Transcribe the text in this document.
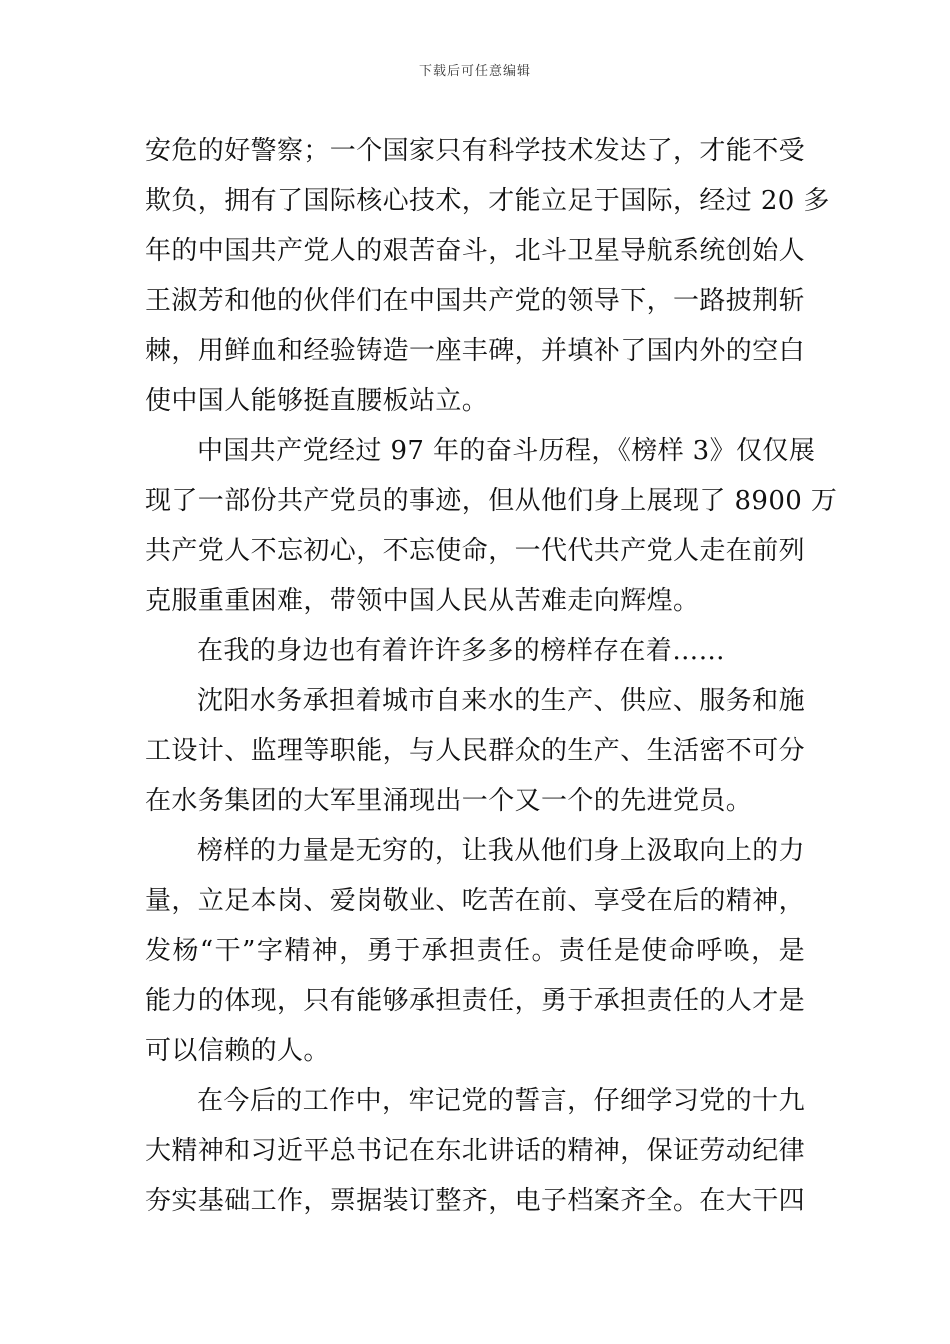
下载后可任意编辑
安危的好警察；一个国家只有科学技术发达了，才能不受
欺负，拥有了国际核心技术，才能立足于国际，经过 20 多
年的中国共产党人的艰苦奋斗，北斗卫星导航系统创始人
王淑芳和他的伙伴们在中国共产党的领导下，一路披荆斩
棘，用鲜血和经验铸造一座丰碑，并填补了国内外的空白
使中国人能够挺直腰板站立。
中国共产党经过 97 年的奋斗历程，《榜样 3》仅仅展
现了一部份共产党员的事迹，但从他们身上展现了 8900 万
共产党人不忘初心，不忘使命，一代代共产党人走在前列
克服重重困难，带领中国人民从苦难走向辉煌。
在我的身边也有着许许多多的榜样存在着……
沈阳水务承担着城市自来水的生产、供应、服务和施
工设计、监理等职能，与人民群众的生产、生活密不可分
在水务集团的大军里涌现出一个又一个的先进党员。
榜样的力量是无穷的，让我从他们身上汲取向上的力
量，立足本岗、爱岗敬业、吃苦在前、享受在后的精神，
发杨“干”字精神，勇于承担责任。责任是使命呼唤，是
能力的体现，只有能够承担责任，勇于承担责任的人才是
可以信赖的人。
在今后的工作中，牢记党的誓言，仔细学习党的十九
大精神和习近平总书记在东北讲话的精神，保证劳动纪律
夯实基础工作，票据装订整齐，电子档案齐全。在大干四
